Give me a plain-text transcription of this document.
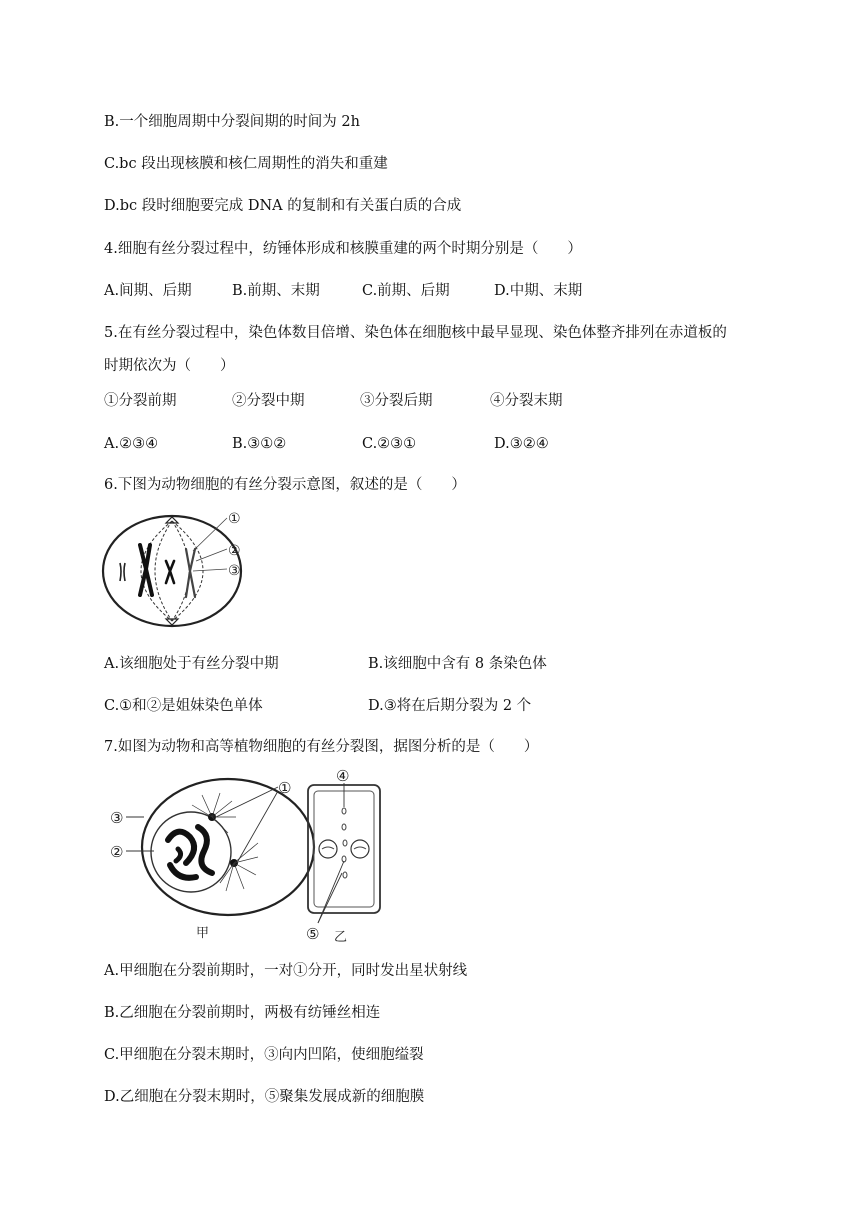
B.一个细胞周期中分裂间期的时间为 2h
C.bc 段出现核膜和核仁周期性的消失和重建
D.bc 段时细胞要完成 DNA 的复制和有关蛋白质的合成
4.细胞有丝分裂过程中，纺锤体形成和核膜重建的两个时期分别是（　　）
A.间期、后期	B.前期、末期	C.前期、后期	D.中期、末期
5.在有丝分裂过程中，染色体数目倍增、染色体在细胞核中最早显现、染色体整齐排列在赤道板的
时期依次为（　　）
①分裂前期	②分裂中期	③分裂后期	④分裂末期
A.②③④	B.③①②	C.②③①	D.③②④
6.下图为动物细胞的有丝分裂示意图，叙述的是（　　）
①
②
③
A.该细胞处于有丝分裂中期	B.该细胞中含有 8 条染色体
C.①和②是姐妹染色单体	D.③将在后期分裂为 2 个
7.如图为动物和高等植物细胞的有丝分裂图，据图分析的是（　　）
①
③
②
甲
④
⑤ 乙
A.甲细胞在分裂前期时，一对①分开，同时发出星状射线
B.乙细胞在分裂前期时，两极有纺锤丝相连
C.甲细胞在分裂末期时，③向内凹陷，使细胞缢裂
D.乙细胞在分裂末期时，⑤聚集发展成新的细胞膜
